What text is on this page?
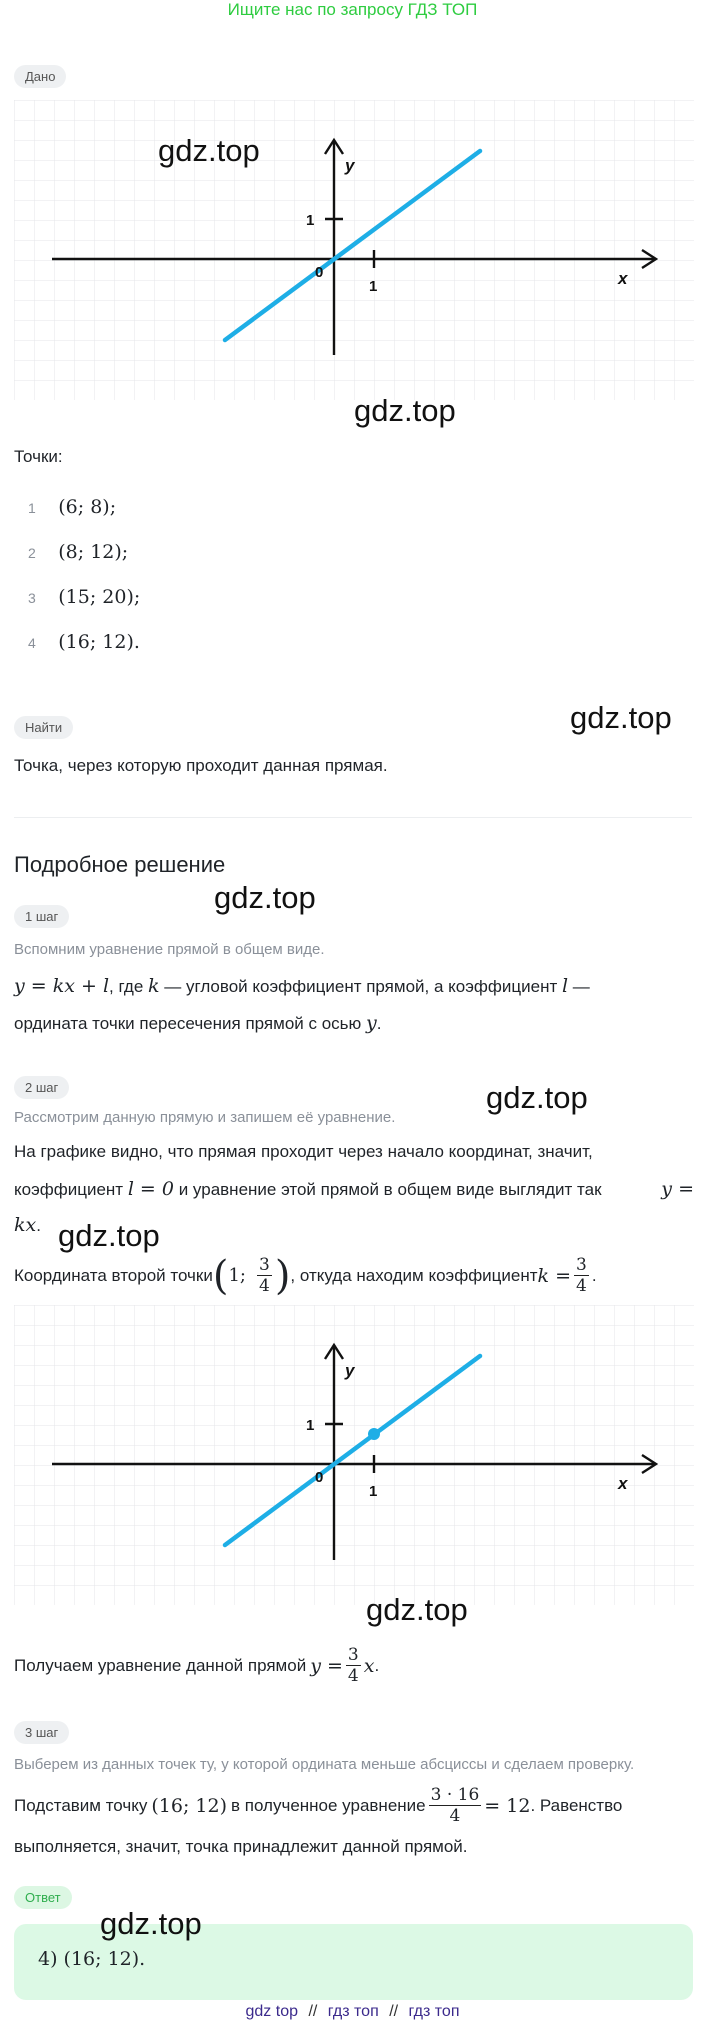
Ищите нас по запросу ГДЗ ТОП
Дано
y
x
1
1
0
gdz.top
gdz.top
Точки:
1 (6; 8);
2 (8; 12);
3 (15; 20);
4 (16; 12).
Найти	gdz.top
Точка, через которую проходит данная прямая.
Подробное решение
gdz.top
1 шаг
Вспомним уравнение прямой в общем виде.
y = kx + l, где k — угловой коэффициент прямой, а коэффициент l —
ордината точки пересечения прямой с осью y.
2 шаг	gdz.top
Рассмотрим данную прямую и запишем её уравнение.
На графике видно, что прямая проходит через начало координат, значит,
коэффициент l = 0 и уравнение этой прямой в общем виде выглядит так	y =
kx. gdz.top
Координата второй точки ( 1; $\frac{3}{4}$ ) , откуда находим коэффициент $k = \frac{3}{4}$ .
y
x
1
1
0
gdz.top
Получаем уравнение данной прямой $y = \frac{3}{4}$ x .
3 шаг
Выберем из данных точек ту, у которой ордината меньше абсциссы и сделаем проверку.
Подставим точку (16; 12) в полученное уравнение $\frac{3 \cdot 16}{4} = 12$ . Равенство
выполняется, значит, точка принадлежит данной прямой.
Ответ
gdz.top
4) (16; 12).
gdz top // гдз топ // гдз топ
